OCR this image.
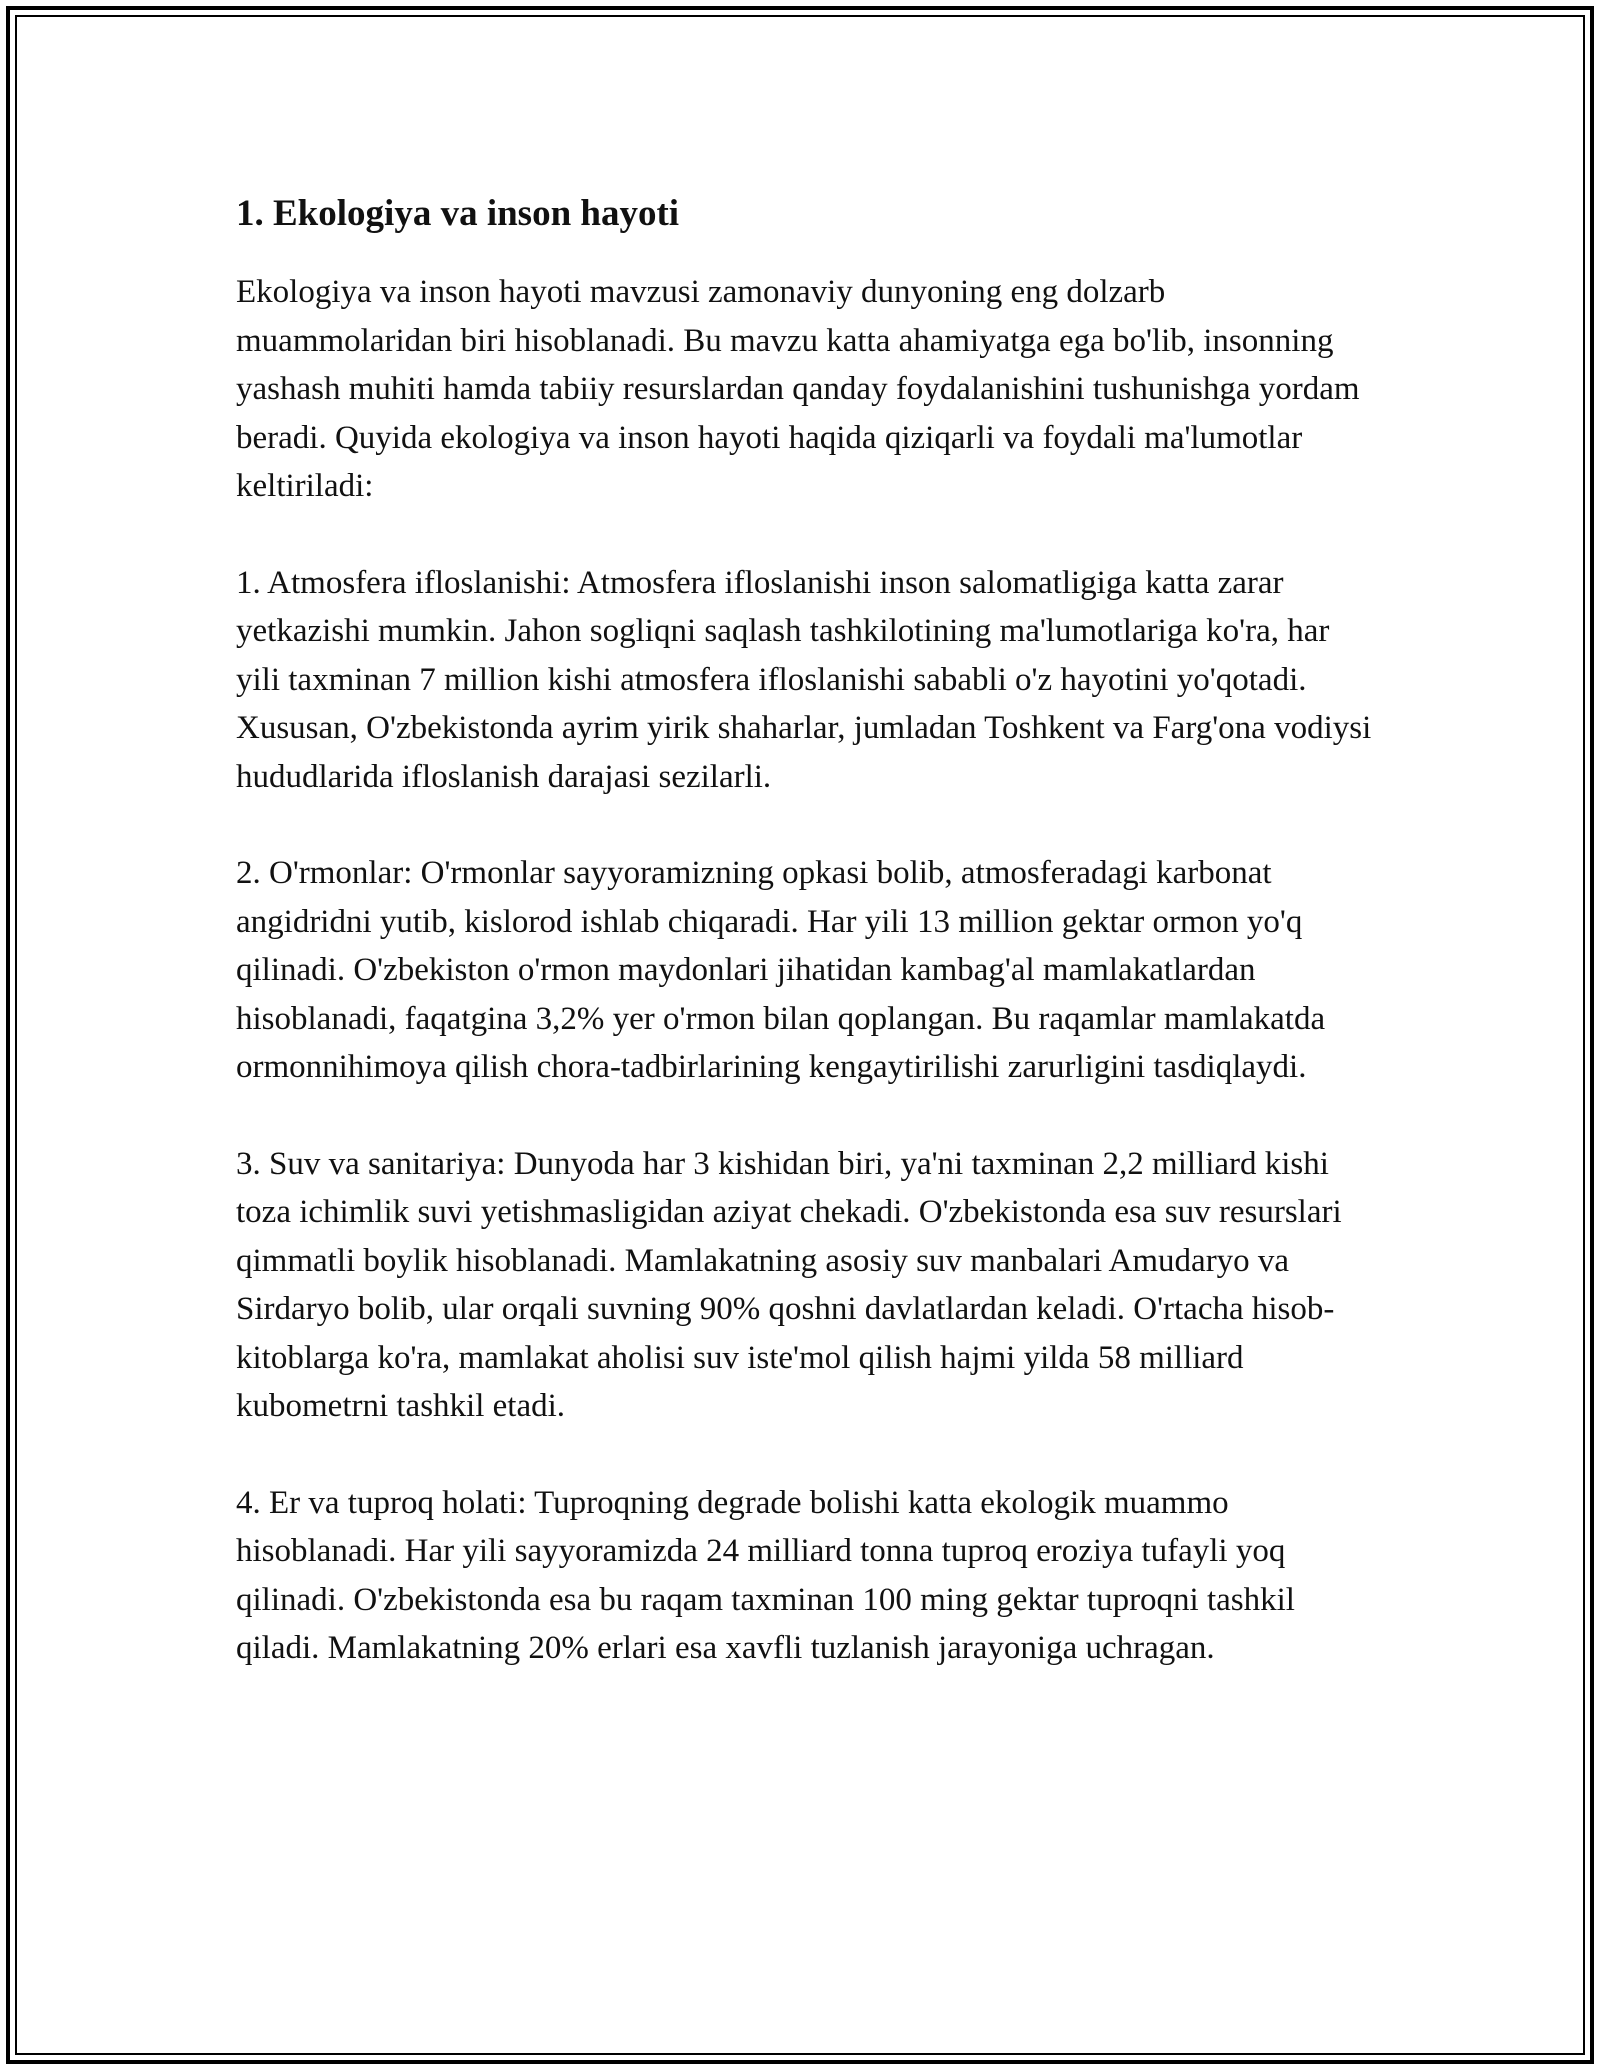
1. Ekologiya va inson hayoti

Ekologiya va inson hayoti mavzusi zamonaviy dunyoning eng dolzarb muammolaridan biri hisoblanadi. Bu mavzu katta ahamiyatga ega bo'lib, insonning yashash muhiti hamda tabiiy resurslardan qanday foydalanishini tushunishga yordam beradi. Quyida ekologiya va inson hayoti haqida qiziqarli va foydali ma'lumotlar keltiriladi:

1. Atmosfera ifloslanishi: Atmosfera ifloslanishi inson salomatligiga katta zarar yetkazishi mumkin. Jahon sogliqni saqlash tashkilotining ma'lumotlariga ko'ra, har yili taxminan 7 million kishi atmosfera ifloslanishi sababli o'z hayotini yo'qotadi. Xususan, O'zbekistonda ayrim yirik shaharlar, jumladan Toshkent va Farg'ona vodiysi hududlarida ifloslanish darajasi sezilarli.

2. O'rmonlar: O'rmonlar sayyoramizning opkasi bolib, atmosferadagi karbonat angidridni yutib, kislorod ishlab chiqaradi. Har yili 13 million gektar ormon yo'q qilinadi. O'zbekiston o'rmon maydonlari jihatidan kambag'al mamlakatlardan hisoblanadi, faqatgina 3,2% yer o'rmon bilan qoplangan. Bu raqamlar mamlakatda ormonnihimoya qilish chora-tadbirlarining kengaytirilishi zarurligini tasdiqlaydi.

3. Suv va sanitariya: Dunyoda har 3 kishidan biri, ya'ni taxminan 2,2 milliard kishi toza ichimlik suvi yetishmasligidan aziyat chekadi. O'zbekistonda esa suv resurslari qimmatli boylik hisoblanadi. Mamlakatning asosiy suv manbalari Amudaryo va Sirdaryo bolib, ular orqali suvning 90% qoshni davlatlardan keladi. O'rtacha hisob-kitoblarga ko'ra, mamlakat aholisi suv iste'mol qilish hajmi yilda 58 milliard kubometrni tashkil etadi.

4. Er va tuproq holati: Tuproqning degrade bolishi katta ekologik muammo hisoblanadi. Har yili sayyoramizda 24 milliard tonna tuproq eroziya tufayli yoq qilinadi. O'zbekistonda esa bu raqam taxminan 100 ming gektar tuproqni tashkil qiladi. Mamlakatning 20% erlari esa xavfli tuzlanish jarayoniga uchragan.
